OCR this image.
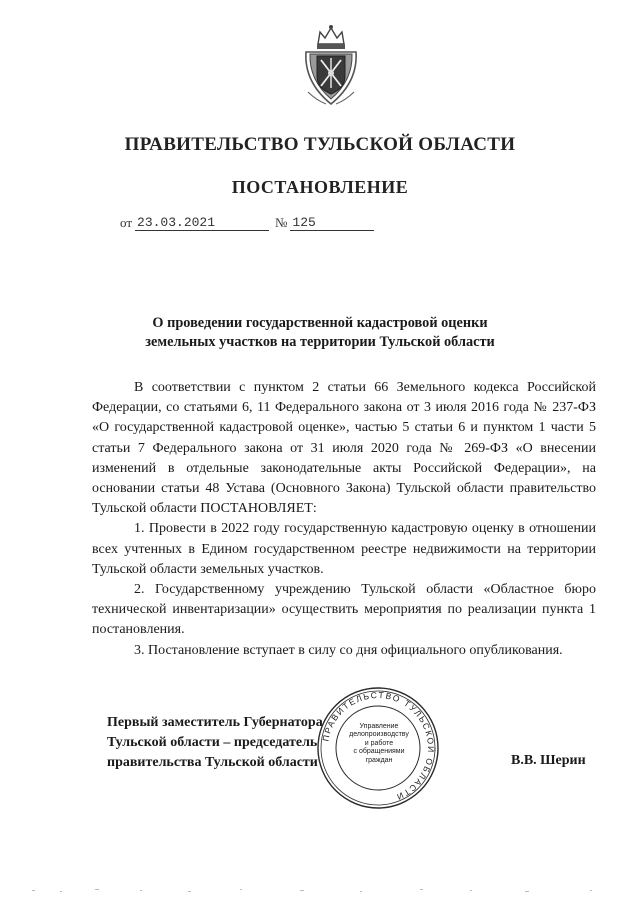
ПРАВИТЕЛЬСТВО ТУЛЬСКОЙ ОБЛАСТИ
ПОСТАНОВЛЕНИЕ
от 23.03.2021	№ 125
О проведении государственной кадастровой оценки
земельных участков на территории Тульской области

В соответствии с пунктом 2 статьи 66 Земельного кодекса Российской Федерации, со статьями 6, 11 Федерального закона от 3 июля 2016 года № 237-ФЗ «О государственной кадастровой оценке», частью 5 статьи 6 и пунктом 1 части 5 статьи 7 Федерального закона от 31 июля 2020 года № 269-ФЗ «О внесении изменений в отдельные законодательные акты Российской Федерации», на основании статьи 48 Устава (Основного Закона) Тульской области правительство Тульской области ПОСТАНОВЛЯЕТ:

1. Провести в 2022 году государственную кадастровую оценку в отношении всех учтенных в Едином государственном реестре недвижимости на территории Тульской области земельных участков.

2. Государственному учреждению Тульской области «Областное бюро технической инвентаризации» осуществить мероприятия по реализации пункта 1 постановления.

3. Постановление вступает в силу со дня официального опубликования.

Первый заместитель Губернатора
Тульской области – председатель
правительства Тульской области	В.В. Шерин
ПРАВИТЕЛЬСТВО ТУЛЬСКОЙ ОБЛАСТИ
Управление
делопроизводству
и работе
с обращениями
граждан
